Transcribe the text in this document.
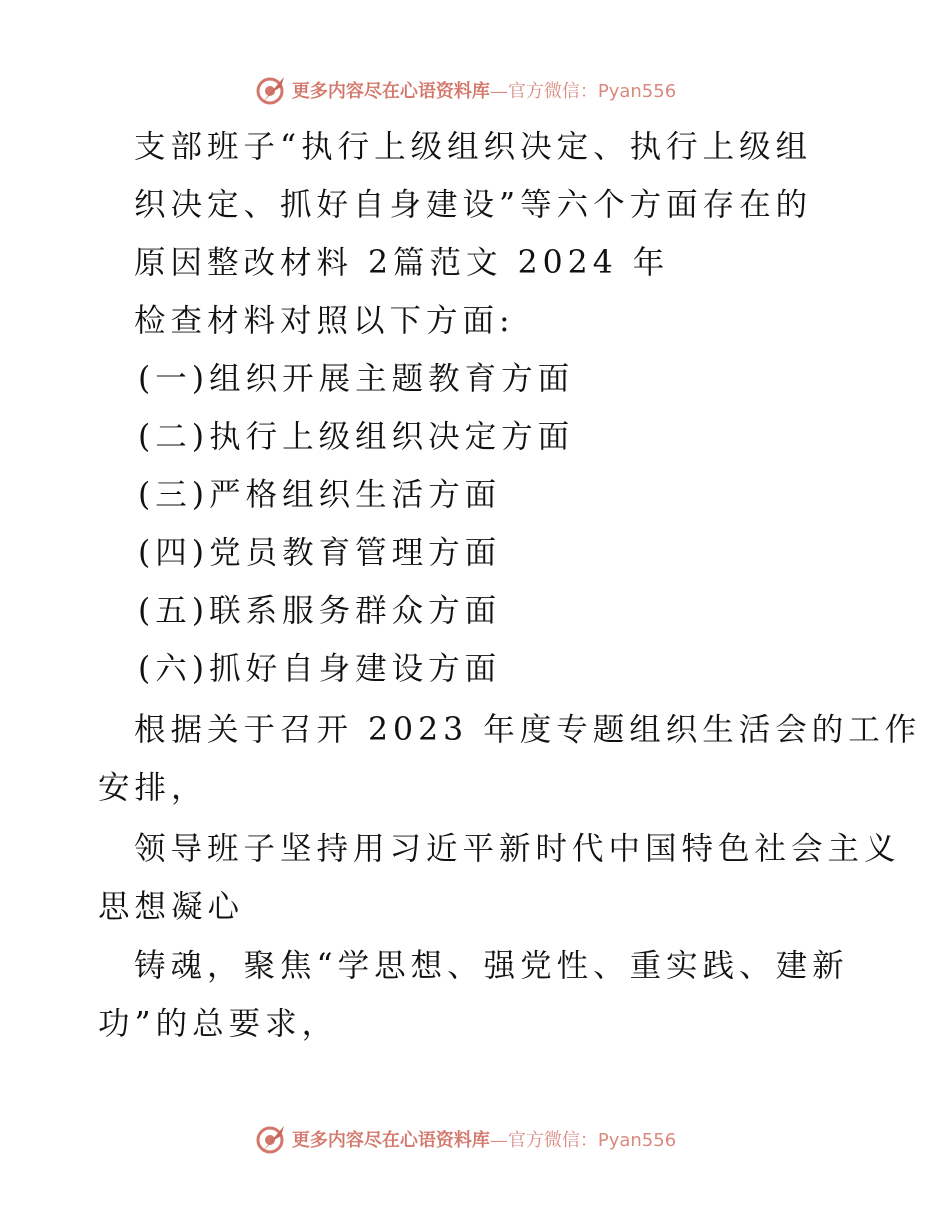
更多内容尽在心语资料库—官方微信：Pyan556
支部班子“执行上级组织决定、执行上级组
织决定、抓好自身建设”等六个方面存在的
原因整改材料 2篇范文 2024 年
检查材料对照以下方面:
(一)组织开展主题教育方面
(二)执行上级组织决定方面
(三)严格组织生活方面
(四)党员教育管理方面
(五)联系服务群众方面
(六)抓好自身建设方面
根据关于召开 2023 年度专题组织生活会的工作
安排，
领导班子坚持用习近平新时代中国特色社会主义
思想凝心
铸魂，聚焦“学思想、强党性、重实践、建新
功”的总要求，
更多内容尽在心语资料库—官方微信：Pyan556
